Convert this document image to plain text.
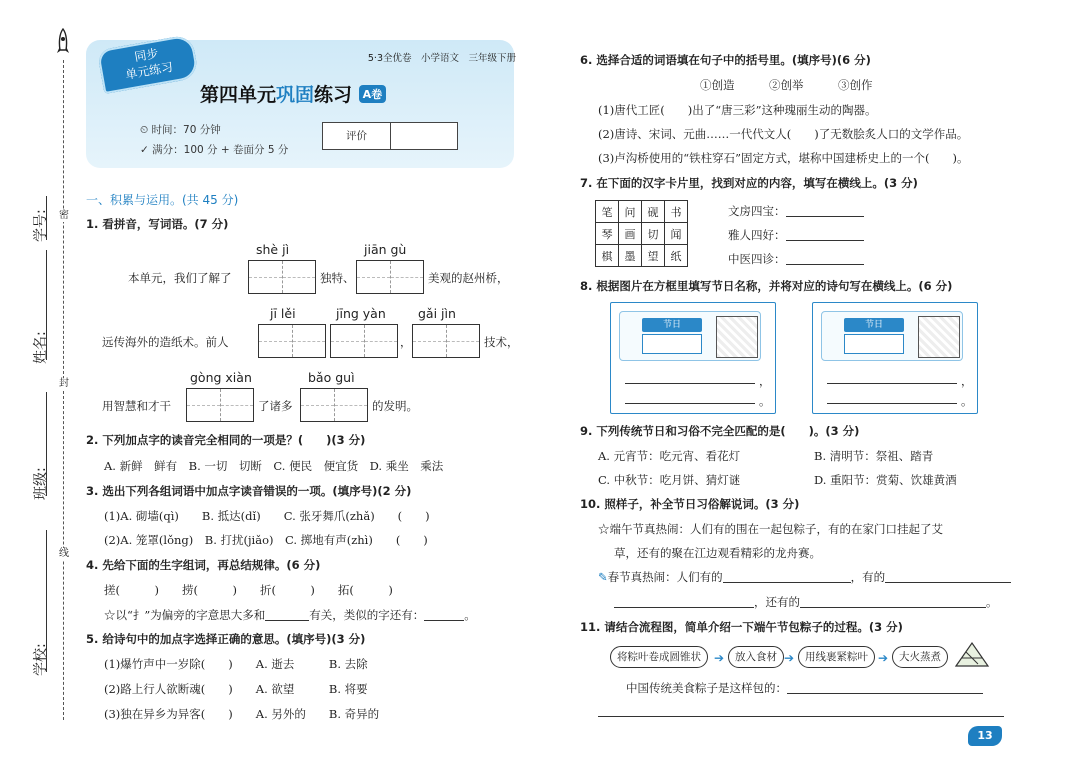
密
封
线
学号:
姓名:
班级:
学校:
同步
单元练习
5·3全优卷　小学语文　三年级下册
第四单元巩固练习 A卷
⏲ 时间：70 分钟
✓ 满分：100 分 + 卷面分 5 分
评价
一、积累与运用。(共 45 分)
1. 看拼音，写词语。(7 分)
shè jì	jiān gù
本单元，我们了解了	独特、	美观的赵州桥，
jī lěi	jīng yàn	gǎi jìn
远传海外的造纸术。前人	，	技术，
gòng xiàn	bǎo guì
用智慧和才干	了诸多	的发明。
2. 下列加点字的读音完全相同的一项是？(　　)(3 分)
A. 新鲜　鲜有　B. 一切　切断　C. 便民　便宜货　D. 乘坐　乘法
3. 选出下列各组词语中加点字读音错误的一项。(填序号)(2 分)
(1)A. 砌墙(qì)　　B. 抵达(dǐ)　　C. 张牙舞爪(zhǎ)　　(　　)
(2)A. 笼罩(lǒng)　B. 打扰(jiǎo)　C. 掷地有声(zhì)　　(　　)
4. 先给下面的生字组词，再总结规律。(6 分)
搓(　　　)　　捞(　　　)　　折(　　　)　　拓(　　　)
☆以“扌”为偏旁的字意思大多和	有关，类似的字还有：	。
5. 给诗句中的加点字选择正确的意思。(填序号)(3 分)
(1)爆竹声中一岁除(　　)　　A. 逝去　　　B. 去除
(2)路上行人欲断魂(　　)　　A. 欲望　　　B. 将要
(3)独在异乡为异客(　　)　　A. 另外的　　B. 奇异的
6. 选择合适的词语填在句子中的括号里。(填序号)(6 分)
①创造　　　②创举　　　③创作
(1)唐代工匠(　　)出了“唐三彩”这种瑰丽生动的陶器。
(2)唐诗、宋词、元曲……一代代文人(　　)了无数脍炙人口的文学作品。
(3)卢沟桥使用的“铁柱穿石”固定方式，堪称中国建桥史上的一个(　　)。
7. 在下面的汉字卡片里，找到对应的内容，填写在横线上。(3 分)
笔	问	砚	书
琴	画	切	闻
棋	墨	望	纸
文房四宝：
雅人四好：
中医四诊：
8. 根据图片在方框里填写节日名称，并将对应的诗句写在横线上。(6 分)
节日
，
。
节日
，
。
9. 下列传统节日和习俗不完全匹配的是(　　)。(3 分)
A. 元宵节：吃元宵、看花灯	B. 清明节：祭祖、踏青
C. 中秋节：吃月饼、猜灯谜	D. 重阳节：赏菊、饮雄黄酒
10. 照样子，补全节日习俗解说词。(3 分)
☆端午节真热闹：人们有的围在一起包粽子，有的在家门口挂起了艾
草，还有的聚在江边观看精彩的龙舟赛。
✎春节真热闹：人们有的	，有的
，还有的	。
11. 请结合流程图，简单介绍一下端午节包粽子的过程。(3 分)
将粽叶卷成圆锥状	➔	放入食材 ➔	用线裹紧粽叶 ➔	大火蒸煮
中国传统美食粽子是这样包的：
13
